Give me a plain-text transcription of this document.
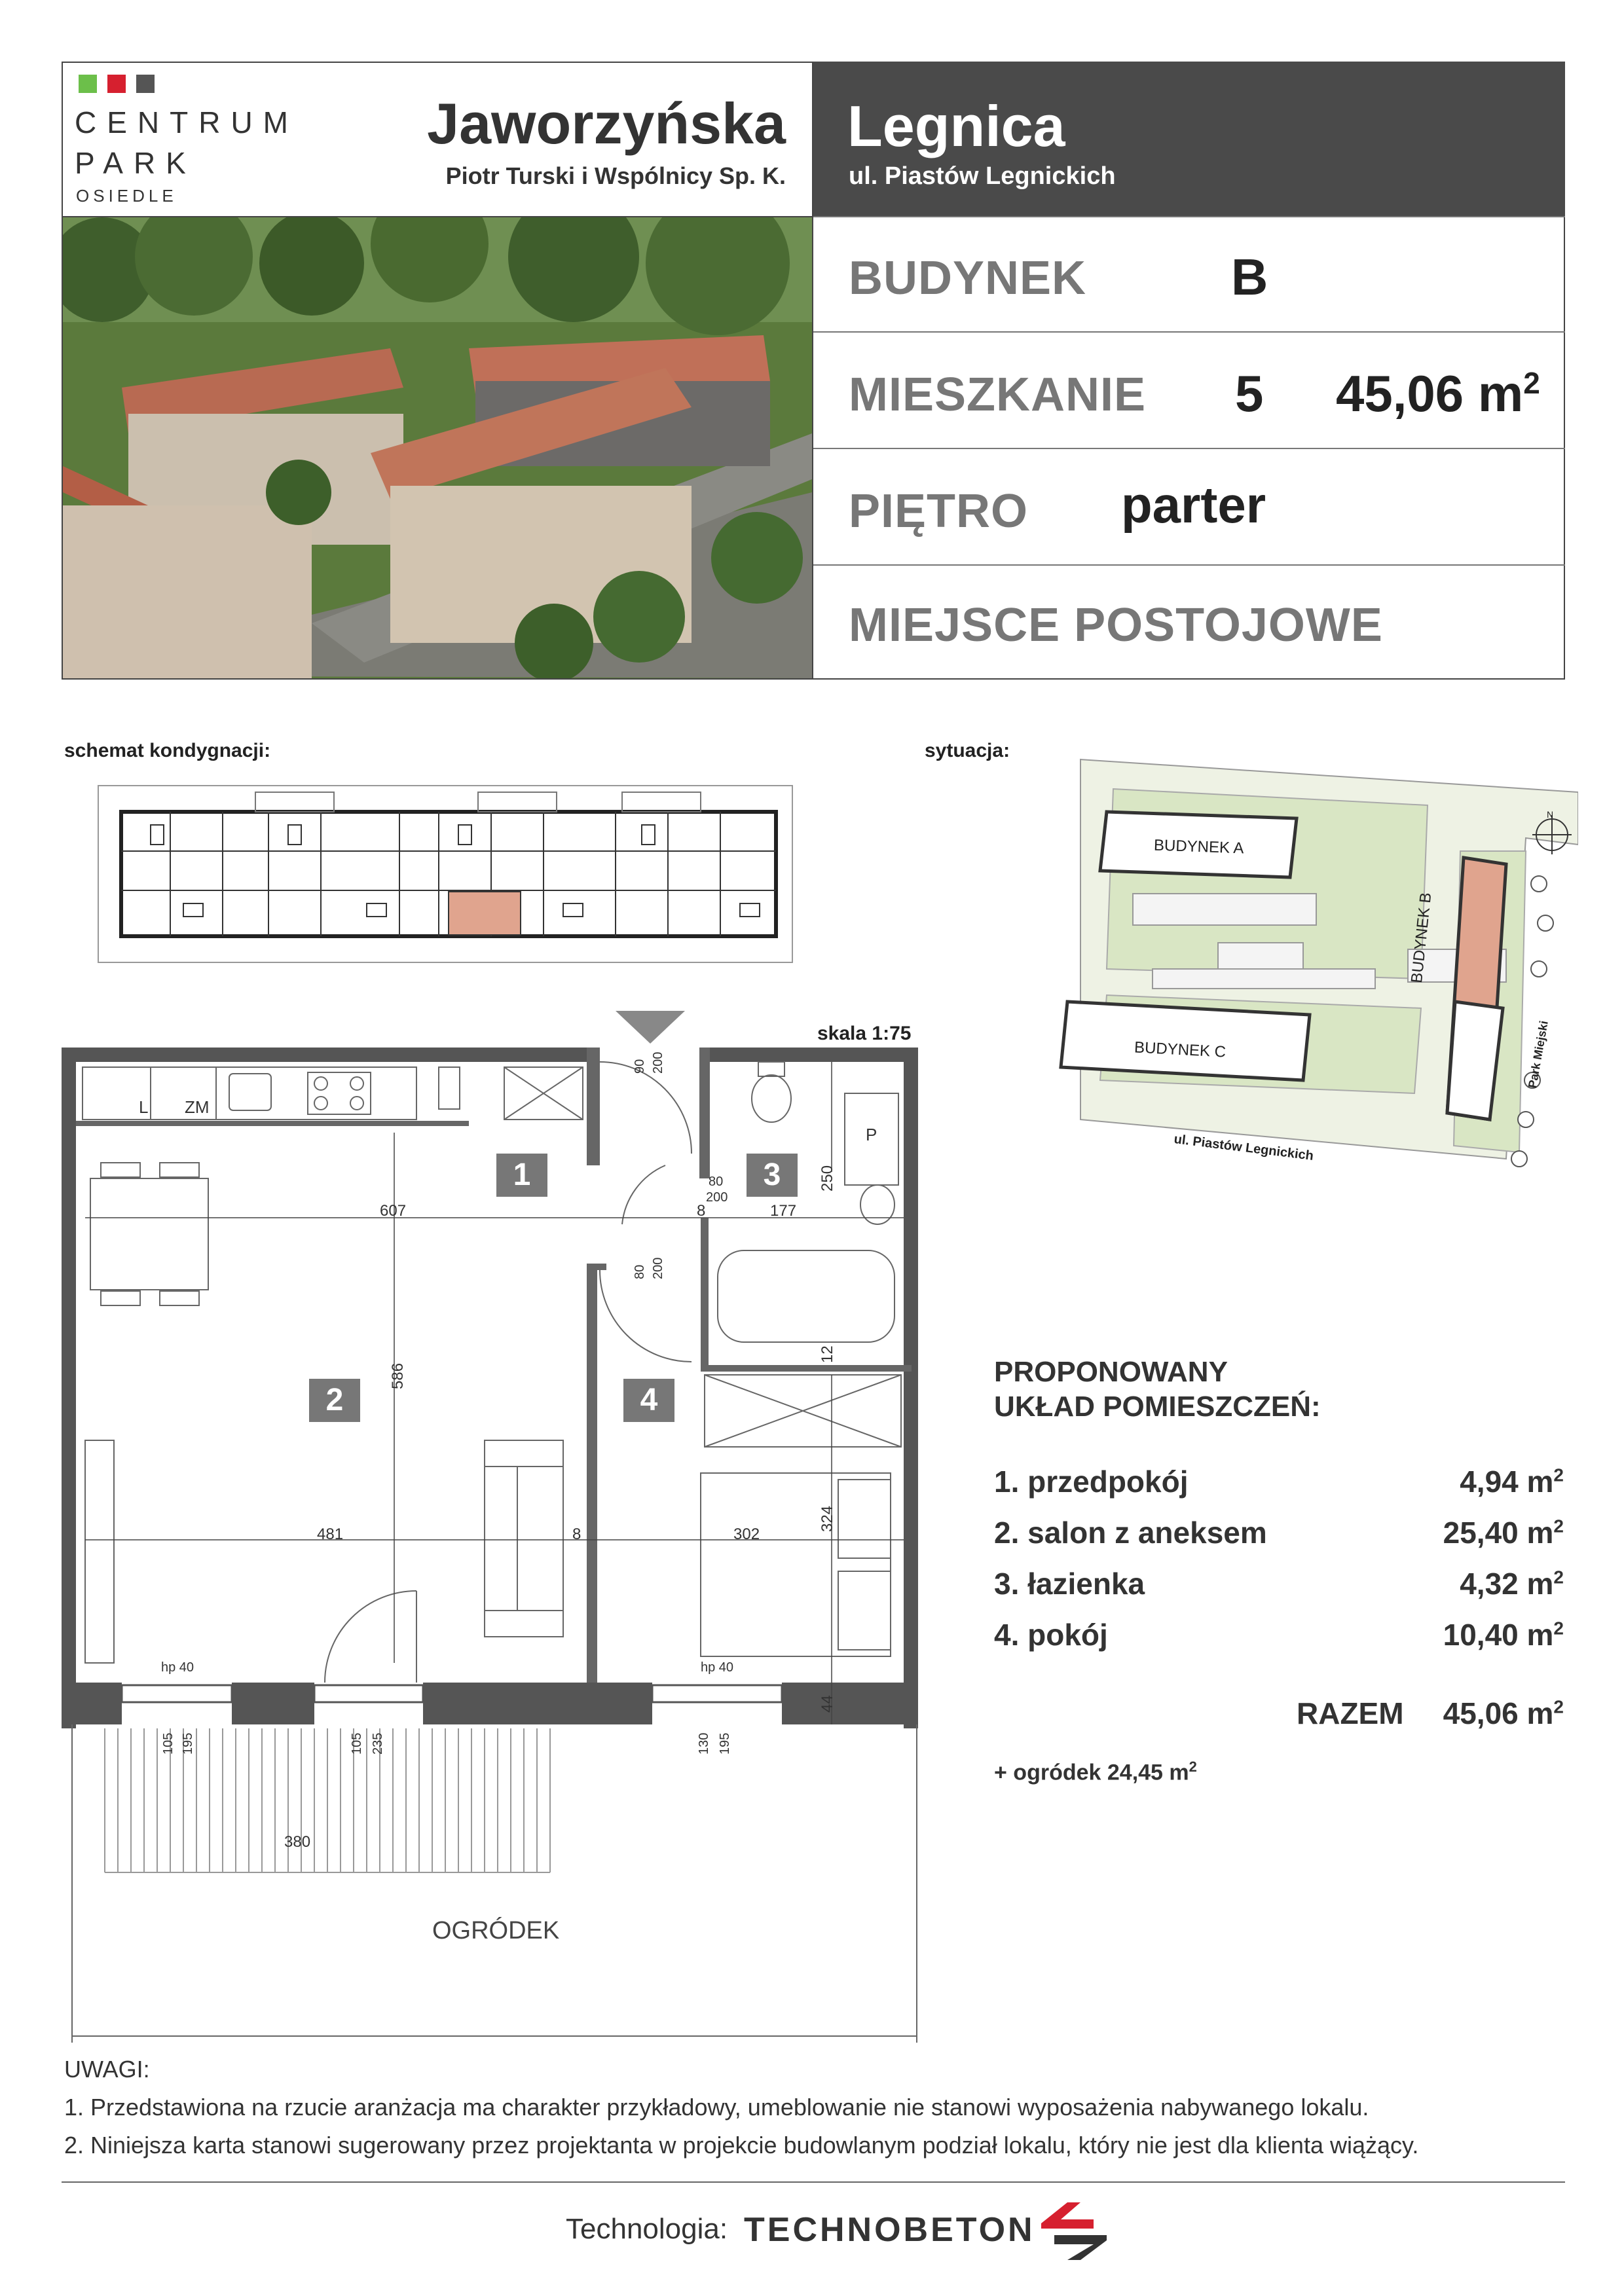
CENTRUM
PARK
OSIEDLE
Jaworzyńska
Piotr Turski i Wspólnicy Sp. K.
Legnica
ul. Piastów Legnickich
BUDYNEK	B
MIESZKANIE 5 45,06 $m^2$
PIĘTRO parter
MIEJSCE POSTOJOWE
schemat kondygnacji:	sytuacja:
BUDYNEK A
BUDYNEK C
BUDYNEK B
ul. Piastów Legnickich
Park Miejski
N
skala 1:75
L ZM
P
1
2
3
4
607	8	177
250
586
481	8	302
324
12
44
380
90 200
80
200
80 200
hp 40	hp 40
105 195	105 235	130 195
OGRÓDEK
PROPONOWANY UKŁAD POMIESZCZEŃ:
1. przedpokój	4,94 $m^2$
2. salon z aneksem	25,40 $m^2$
3. łazienka	4,32 $m^2$
4. pokój	10,40 $m^2$
RAZEM 45,06 $m^2$
+ ogródek 24,45 $m^2$
UWAGI:
1. Przedstawiona na rzucie aranżacja ma charakter przykładowy, umeblowanie nie stanowi wyposażenia nabywanego lokalu.
2. Niniejsza karta stanowi sugerowany przez projektanta w projekcie budowlanym podział lokalu, który nie jest dla klienta wiążący.
Technologia: TECHNOBETON
